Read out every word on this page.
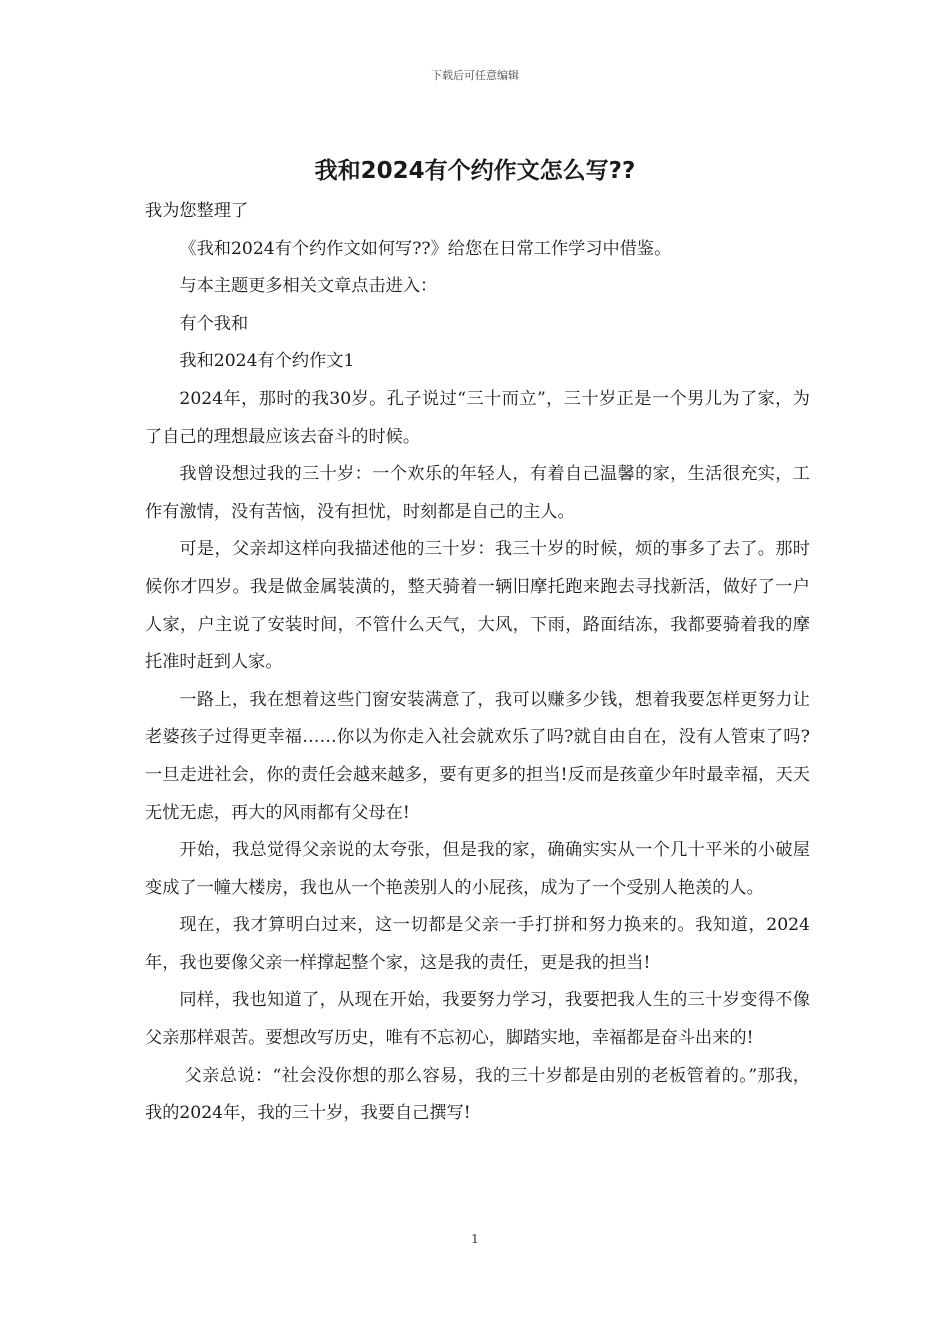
下载后可任意编辑
我和2024有个约作文怎么写??

我为您整理了

《我和2024有个约作文如何写??》给您在日常工作学习中借鉴。

与本主题更多相关文章点击进入：

有个我和

我和2024有个约作文1

2024年，那时的我30岁。孔子说过“三十而立”，三十岁正是一个男儿为了家，为了自己的理想最应该去奋斗的时候。

我曾设想过我的三十岁：一个欢乐的年轻人，有着自己温馨的家，生活很充实，工作有激情，没有苦恼，没有担忧，时刻都是自己的主人。

可是，父亲却这样向我描述他的三十岁：我三十岁的时候，烦的事多了去了。那时候你才四岁。我是做金属装潢的，整天骑着一辆旧摩托跑来跑去寻找新活，做好了一户人家，户主说了安装时间，不管什么天气，大风，下雨，路面结冻，我都要骑着我的摩托准时赶到人家。

一路上，我在想着这些门窗安装满意了，我可以赚多少钱，想着我要怎样更努力让老婆孩子过得更幸福……你以为你走入社会就欢乐了吗?就自由自在，没有人管束了吗?一旦走进社会，你的责任会越来越多，要有更多的担当!反而是孩童少年时最幸福，天天无忧无虑，再大的风雨都有父母在!

开始，我总觉得父亲说的太夸张，但是我的家，确确实实从一个几十平米的小破屋变成了一幢大楼房，我也从一个艳羡别人的小屁孩，成为了一个受别人艳羡的人。

现在，我才算明白过来，这一切都是父亲一手打拼和努力换来的。我知道，2024年，我也要像父亲一样撑起整个家，这是我的责任，更是我的担当!

同样，我也知道了，从现在开始，我要努力学习，我要把我人生的三十岁变得不像父亲那样艰苦。要想改写历史，唯有不忘初心，脚踏实地，幸福都是奋斗出来的!

父亲总说：“社会没你想的那么容易，我的三十岁都是由别的老板管着的。”那我，我的2024年，我的三十岁，我要自己撰写!

1
